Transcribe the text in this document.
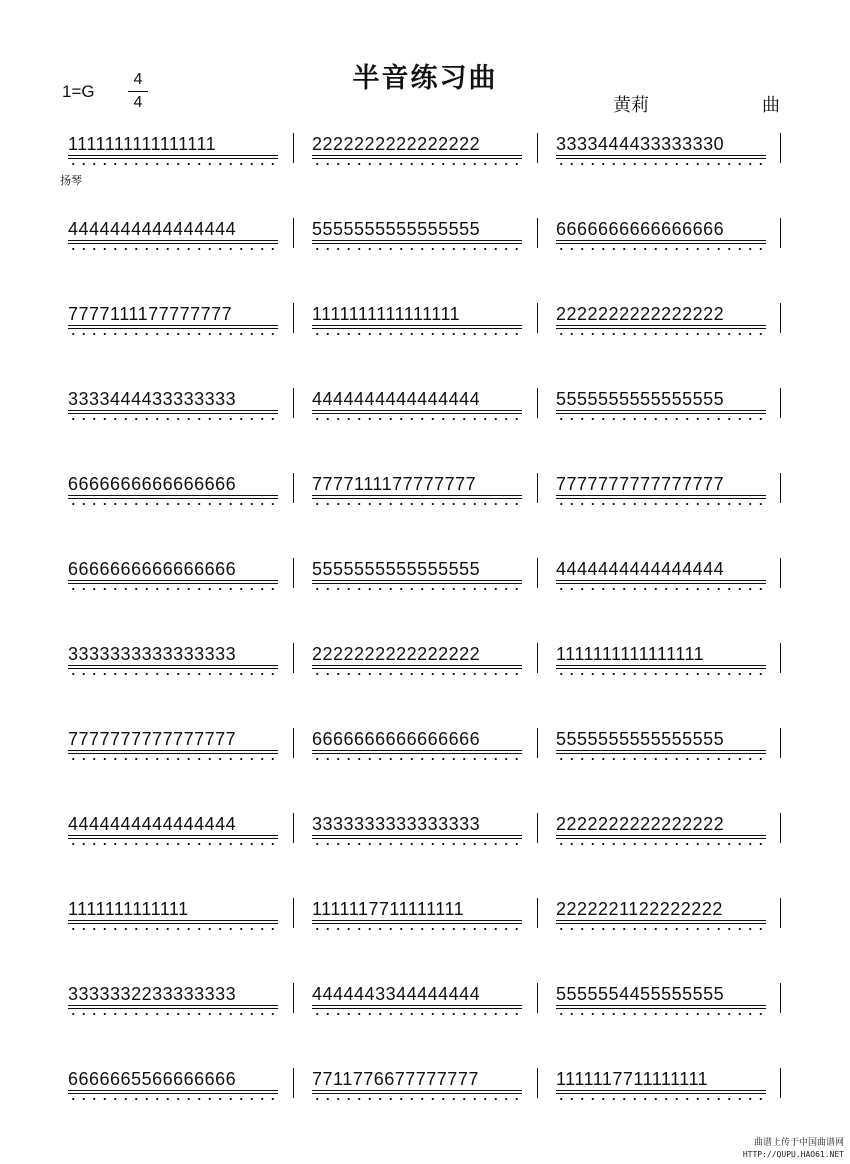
半音练习曲
1=G
4
4	黄莉	曲
扬琴
1111111111111111	2222222222222222	3333444433333330
4444444444444444	5555555555555555	6666666666666666
7777111177777777	1111111111111111	2222222222222222
3333444433333333	4444444444444444	5555555555555555
6666666666666666	7777111177777777	7777777777777777
6666666666666666	5555555555555555	4444444444444444
3333333333333333	2222222222222222	1111111111111111
7777777777777777	6666666666666666	5555555555555555
4444444444444444	3333333333333333	2222222222222222
1111111111111	1111117711111111	2222221122222222
3333332233333333	4444443344444444	5555554455555555
6666665566666666	7711776677777777	1111117711111111
曲谱上传于中国曲谱网
HTTP://QUPU.HAO61.NET
